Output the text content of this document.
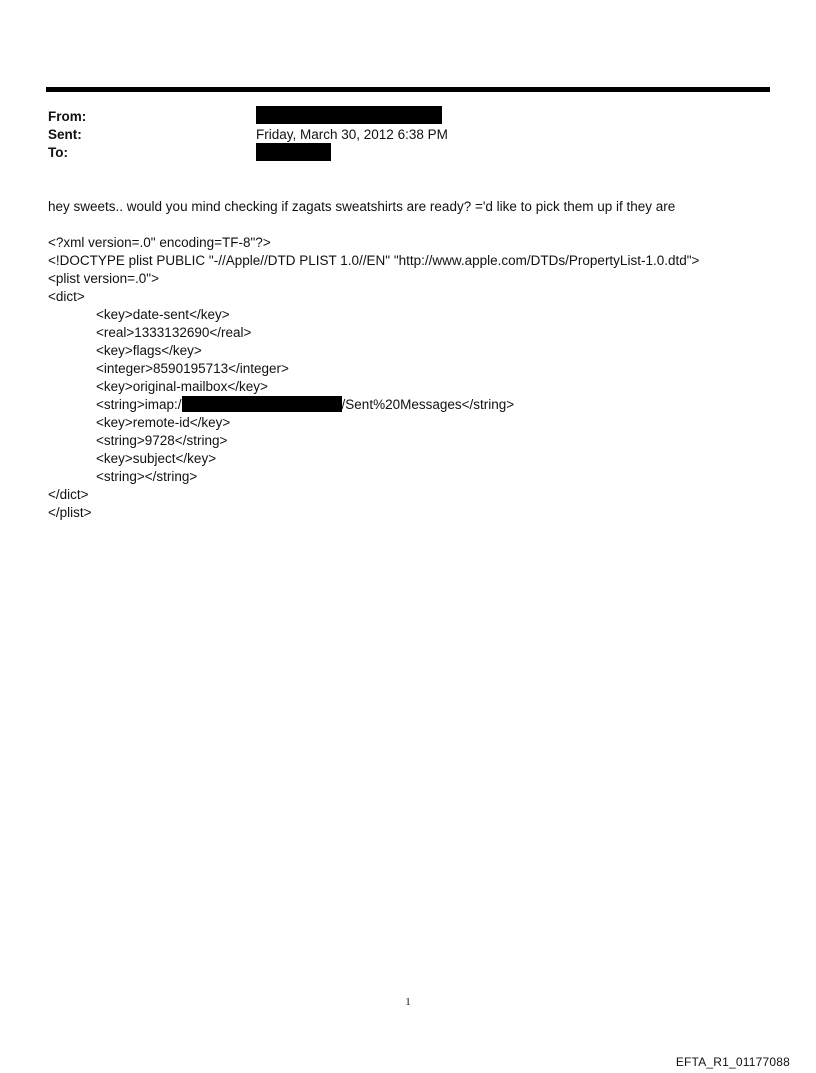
From:
Sent:	Friday, March 30, 2012 6:38 PM
To:
hey sweets.. would you mind checking if zagats sweatshirts are ready? ='d like to pick them up if they are
<?xml version=.0" encoding=TF-8"?>
<!DOCTYPE plist PUBLIC "-//Apple//DTD PLIST 1.0//EN" "http://www.apple.com/DTDs/PropertyList-1.0.dtd">
<plist version=.0">
<dict>
<key>date-sent</key>
<real>1333132690</real>
<key>flags</key>
<integer>8590195713</integer>
<key>original-mailbox</key>
<string>imap:/	/Sent%20Messages</string>
<key>remote-id</key>
<string>9728</string>
<key>subject</key>
<string></string>
</dict>
</plist>
1
EFTA_R1_01177088
